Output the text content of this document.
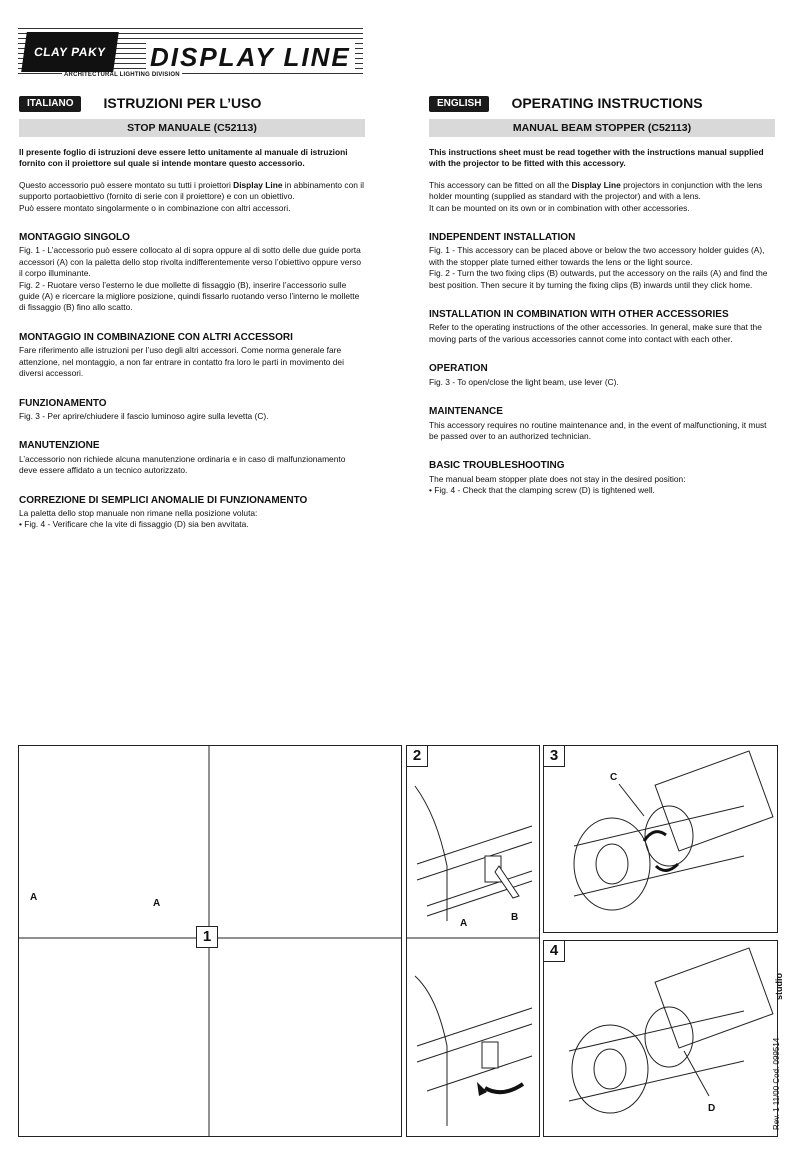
CLAY PAKY	DISPLAY LINE
ARCHITECTURAL LIGHTING DIVISION
ITALIANO	ISTRUZIONI PER L’USO
STOP MANUALE (C52113)

Il presente foglio di istruzioni deve essere letto unitamente al manuale di istruzioni fornito con il proiettore sul quale si intende montare questo accessorio.

Questo accessorio può essere montato su tutti i proiettori Display Line in abbinamento con il supporto portaobiettivo (fornito di serie con il proiettore) e con un obiettivo.
Può essere montato singolarmente o in combinazione con altri accessori.
MONTAGGIO SINGOLO

Fig. 1 - L’accessorio può essere collocato al di sopra oppure al di sotto delle due guide porta accessori (A) con la paletta dello stop rivolta indifferentemente verso l’obiettivo oppure verso il corpo illuminante.

Fig. 2 - Ruotare verso l’esterno le due mollette di fissaggio (B), inserire l’accessorio sulle guide (A) e ricercare la migliore posizione, quindi fissarlo ruotando verso l’interno le mollette di fissaggio (B) fino allo scatto.

MONTAGGIO IN COMBINAZIONE CON ALTRI ACCESSORI

Fare riferimento alle istruzioni per l’uso degli altri accessori. Come norma generale fare attenzione, nel montaggio, a non far entrare in contatto fra loro le parti in movimento dei diversi accessori.

FUNZIONAMENTO

Fig. 3 - Per aprire/chiudere il fascio luminoso agire sulla levetta (C).

MANUTENZIONE

L’accessorio non richiede alcuna manutenzione ordinaria e in caso di malfunzionamento deve essere affidato a un tecnico autorizzato.

CORREZIONE DI SEMPLICI ANOMALIE DI FUNZIONAMENTO

La paletta dello stop manuale non rimane nella posizione voluta:

• Fig. 4 - Verificare che la vite di fissaggio (D) sia ben avvitata.

ENGLISH	OPERATING INSTRUCTIONS
MANUAL BEAM STOPPER (C52113)

This instructions sheet must be read together with the instructions manual supplied with the projector to be fitted with this accessory.

This accessory can be fitted on all the Display Line projectors in conjunction with the lens holder mounting (supplied as standard with the projector) and with a lens.
It can be mounted on its own or in combination with other accessories.
INDEPENDENT INSTALLATION

Fig. 1 - This accessory can be placed above or below the two accessory holder guides (A), with the stopper plate turned either towards the lens or the light source.

Fig. 2 - Turn the two fixing clips (B) outwards, put the accessory on the rails (A) and find the best position. Then secure it by turning the fixing clips (B) inwards until they click home.

INSTALLATION IN COMBINATION WITH OTHER ACCESSORIES

Refer to the operating instructions of the other accessories. In general, make sure that the moving parts of the various accessories cannot come into contact with each other.

OPERATION

Fig. 3 - To open/close the light beam, use lever (C).

MAINTENANCE

This accessory requires no routine maintenance and, in the event of malfunctioning, it must be passed over to an authorized technician.

BASIC TROUBLESHOOTING

The manual beam stopper plate does not stay in the desired position:

• Fig. 4 - Check that the clamping screw (D) is tightened well.

1
A
A
2
A
B
3
C
4
D
studio
Rev. 1 11/00 Cod. 099514
